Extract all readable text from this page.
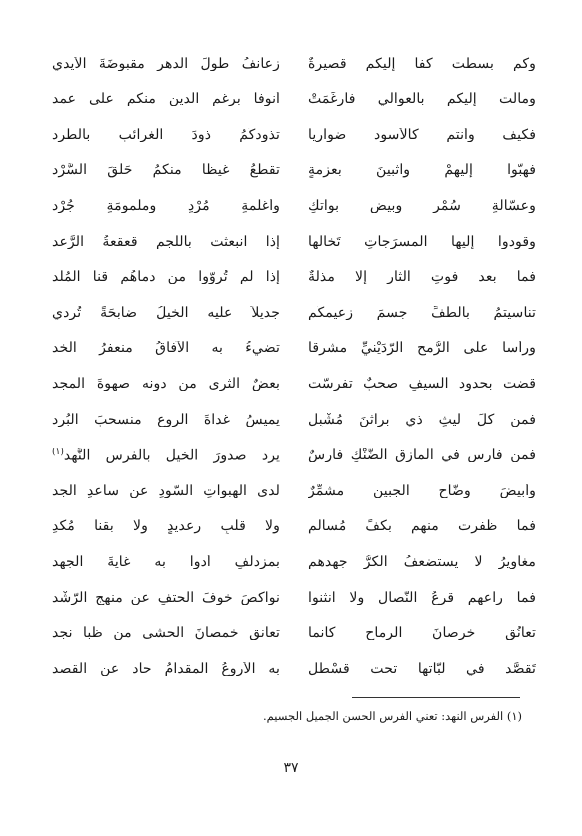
وكم بسطت كفاً إليكم قصيرةٌ
زعانفُ طولَ الدهر مقبوضَةَ الأيدي
ومالت إليكم بالعوالي فأرغَمَتْ
أنوفاً برغم الدينِ منكم على عمد
فكيف وأنتم كالأُسود ضوارياً
تذودكُمُ ذودَ الغرائبِ بالطَّرد
فهبّوا إليهمْ واثبينَ بعزمةٍ
تقطِّعُ غيظاً منكمُ حَلَقَ السَّرْد
وعسّالةٍ سُمْرٍ وبيضٍ بواتكٍ
وأغلمةٍ مُرْدٍ وملمومَةٍ جُرْد
وقودوا إليها المسرَجاتِ تَخالُها
إذا انبعثت بالَّلجم قعقعةُ الرَّعد
فما بعد فوتِ الثارِ إلا مذلةٌ
إذا لم تُروّوا من دماهُم قنا المُلْد
تناسيتمُ بالطفِّ جسمَ زعيمكُم
جديلاً عليه الخيلُ ضابحَةً تُردي
ورأساً على الرُّمح الرّدَيْنيِّ مشرقاً
تضيءُ به الآفاقُ منعفرُ الخد
قضت بحدود السيفِ صحبٌ تفرسّت
بعضٌ الثرى من دونه صهوةَ المجد
فمن كلِّ ليثٍ ذي براثنَ مُشْبِلٍ
يميسُ غداةَ الروعِ منسحبَ البُرد
فمن فارسٍ في المأزقِ الضَّنْكِ فارسٌ
يرد صدورَ الخيلِ بالفرسِ النَّهد$^{(١)}$
وأبيضَ وضّاحِ الجبينِ مشمِّرٌ
لدى الهبواتِ السّودِ عن ساعدِ الجد
فما ظفرت منهم بكفٍّ مُسالمٍ
ولا قلبِ رعديدٍ ولا بقناً مُكْدِ
مغاويرُ لا يستضعفُ الكرُّ جهدهم
بمزدلفٍ أدوا به غايةَ الجهد
فما راعهم قرعُ النّصالِ ولا انثنوا
نواكصَ خوفَ الحتفِ عن منهج الرّشْد
تعانُقِ خرصانَ الرماحِ كأنما
تعانق خمصانَ الحشى من ظبا نجد
تَقصَّد في لبّاتها تحت قسْطلٍ
به الأروعُ المقدامُ حاد عن القصد
(١) الفرس النهد: تعني الفرس الحسن الجميل الجسيم.
٣٧
